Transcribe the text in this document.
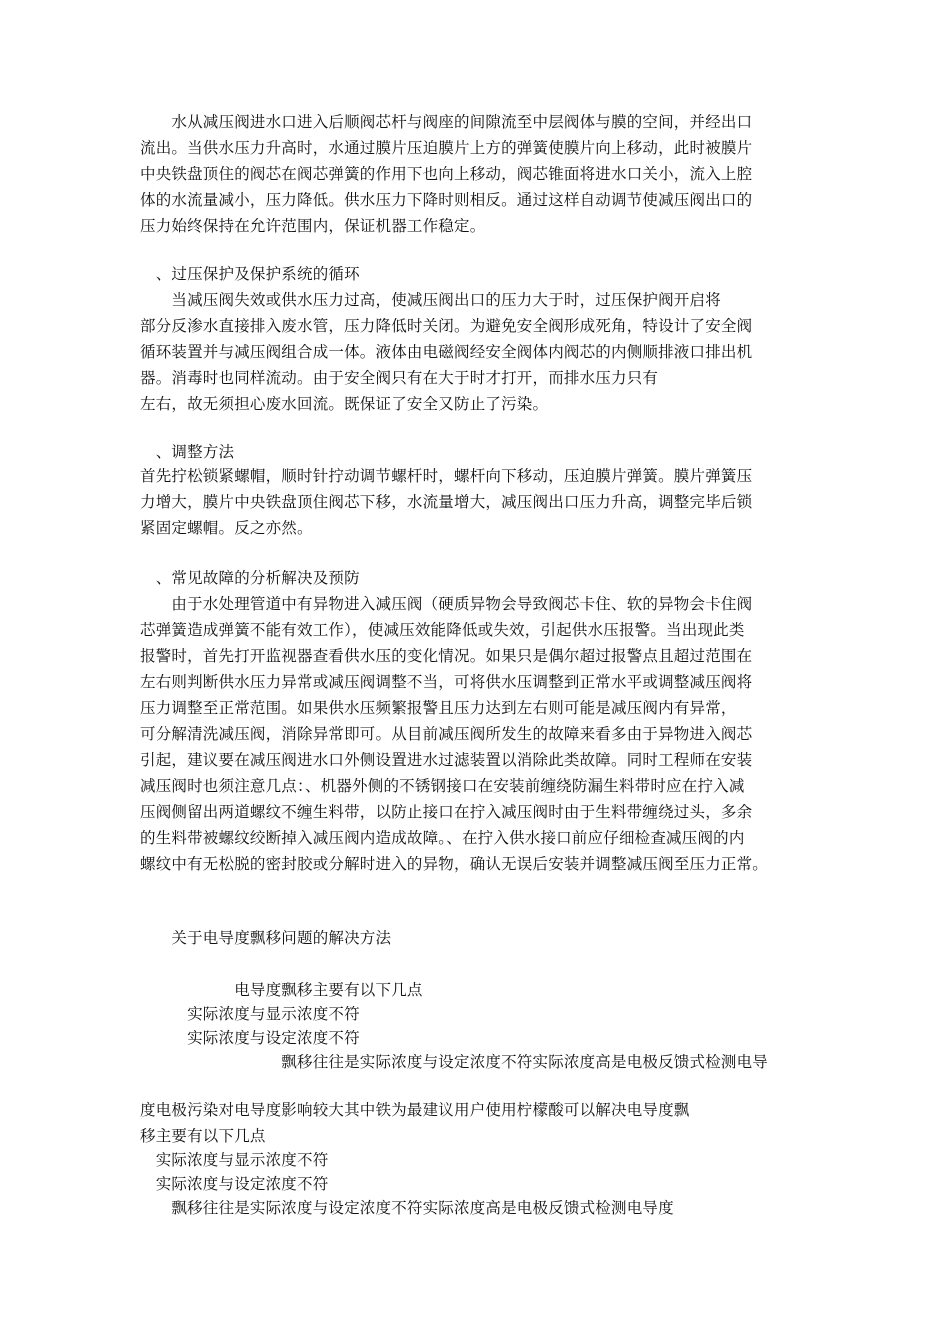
　　水从减压阀进水口进入后顺阀芯杆与阀座的间隙流至中层阀体与膜的空间，并经出口
流出。当供水压力升高时，水通过膜片压迫膜片上方的弹簧使膜片向上移动，此时被膜片
中央铁盘顶住的阀芯在阀芯弹簧的作用下也向上移动，阀芯锥面将进水口关小，流入上腔
体的水流量减小，压力降低。供水压力下降时则相反。通过这样自动调节使减压阀出口的
压力始终保持在允许范围内，保证机器工作稳定。
　、过压保护及保护系统的循环
　　当减压阀失效或供水压力过高，使减压阀出口的压力大于时，过压保护阀开启将
部分反渗水直接排入废水管，压力降低时关闭。为避免安全阀形成死角，特设计了安全阀
循环装置并与减压阀组合成一体。液体由电磁阀经安全阀体内阀芯的内侧顺排液口排出机
器。消毒时也同样流动。由于安全阀只有在大于时才打开，而排水压力只有
左右，故无须担心废水回流。既保证了安全又防止了污染。
　、调整方法
首先拧松锁紧螺帽，顺时针拧动调节螺杆时，螺杆向下移动，压迫膜片弹簧。膜片弹簧压
力增大，膜片中央铁盘顶住阀芯下移，水流量增大，减压阀出口压力升高，调整完毕后锁
紧固定螺帽。反之亦然。
　、常见故障的分析解决及预防
　　由于水处理管道中有异物进入减压阀（硬质异物会导致阀芯卡住、软的异物会卡住阀
芯弹簧造成弹簧不能有效工作），使减压效能降低或失效，引起供水压报警。当出现此类
报警时，首先打开监视器查看供水压的变化情况。如果只是偶尔超过报警点且超过范围在
左右则判断供水压力异常或减压阀调整不当，可将供水压调整到正常水平或调整减压阀将
压力调整至正常范围。如果供水压频繁报警且压力达到左右则可能是减压阀内有异常，
可分解清洗减压阀，消除异常即可。从目前减压阀所发生的故障来看多由于异物进入阀芯
引起，建议要在减压阀进水口外侧设置进水过滤装置以消除此类故障。同时工程师在安装
减压阀时也须注意几点：、机器外侧的不锈钢接口在安装前缠绕防漏生料带时应在拧入减
压阀侧留出两道螺纹不缠生料带，以防止接口在拧入减压阀时由于生料带缠绕过头，多余
的生料带被螺纹绞断掉入减压阀内造成故障。、在拧入供水接口前应仔细检查减压阀的内
螺纹中有无松脱的密封胶或分解时进入的异物，确认无误后安装并调整减压阀至压力正常。
　　关于电导度飘移问题的解决方法
　　　　　　电导度飘移主要有以下几点
　　　实际浓度与显示浓度不符
　　　实际浓度与设定浓度不符
　　　　　　　　　飘移往往是实际浓度与设定浓度不符实际浓度高是电极反馈式检测电导
度电极污染对电导度影响较大其中铁为最建议用户使用柠檬酸可以解决电导度飘
移主要有以下几点
　实际浓度与显示浓度不符
　实际浓度与设定浓度不符
　　飘移往往是实际浓度与设定浓度不符实际浓度高是电极反馈式检测电导度
